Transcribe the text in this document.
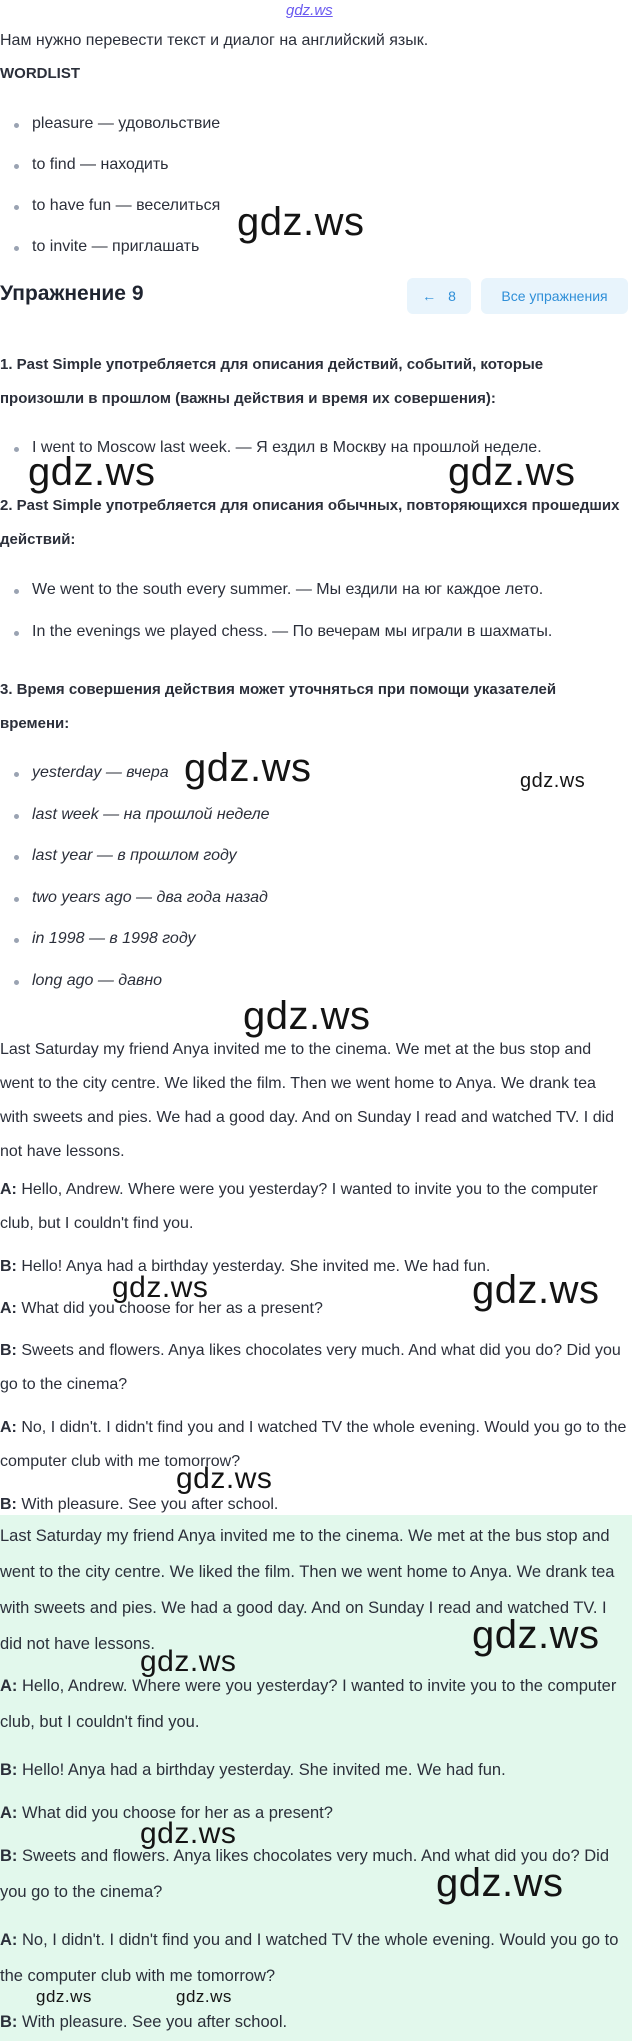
gdz.ws

Нам нужно перевести текст и диалог на английский язык.

WORDLIST

pleasure — удовольствие
to find — находить
to have fun — веселиться
to invite — приглашать
Упражнение 9	← 8	Все упражнения

1. Past Simple употребляется для описания действий, событий, которые произошли в прошлом (важны действия и время их совершения):

I went to Moscow last week. — Я ездил в Москву на прошлой неделе.

2. Past Simple употребляется для описания обычных, повторяющихся прошедших действий:

We went to the south every summer. — Мы ездили на юг каждое лето.
In the evenings we played chess. — По вечерам мы играли в шахматы.

3. Время совершения действия может уточняться при помощи указателей времени:

yesterday — вчера
last week — на прошлой неделе
last year — в прошлом году
two years ago — два года назад
in 1998 — в 1998 году
long ago — давно

Last Saturday my friend Anya invited me to the cinema. We met at the bus stop and went to the city centre. We liked the film. Then we went home to Anya. We drank tea with sweets and pies. We had a good day. And on Sunday I read and watched TV. I did not have lessons.

A: Hello, Andrew. Where were you yesterday? I wanted to invite you to the computer club, but I couldn't find you.

B: Hello! Anya had a birthday yesterday. She invited me. We had fun.

A: What did you choose for her as a present?

B: Sweets and flowers. Anya likes chocolates very much. And what did you do? Did you go to the cinema?

A: No, I didn't. I didn't find you and I watched TV the whole evening. Would you go to the computer club with me tomorrow?

B: With pleasure. See you after school.

Last Saturday my friend Anya invited me to the cinema. We met at the bus stop and went to the city centre. We liked the film. Then we went home to Anya. We drank tea with sweets and pies. We had a good day. And on Sunday I read and watched TV. I did not have lessons.

A: Hello, Andrew. Where were you yesterday? I wanted to invite you to the computer club, but I couldn't find you.

B: Hello! Anya had a birthday yesterday. She invited me. We had fun.

A: What did you choose for her as a present?

B: Sweets and flowers. Anya likes chocolates very much. And what did you do? Did you go to the cinema?

A: No, I didn't. I didn't find you and I watched TV the whole evening. Would you go to the computer club with me tomorrow?

B: With pleasure. See you after school.

gdz.ws
gdz.ws	gdz.ws
gdz.ws	gdz.ws
gdz.ws
gdz.ws	gdz.ws
gdz.ws
gdz.ws
gdz.ws
gdz.ws
gdz.ws
gdz.ws	gdz.ws
